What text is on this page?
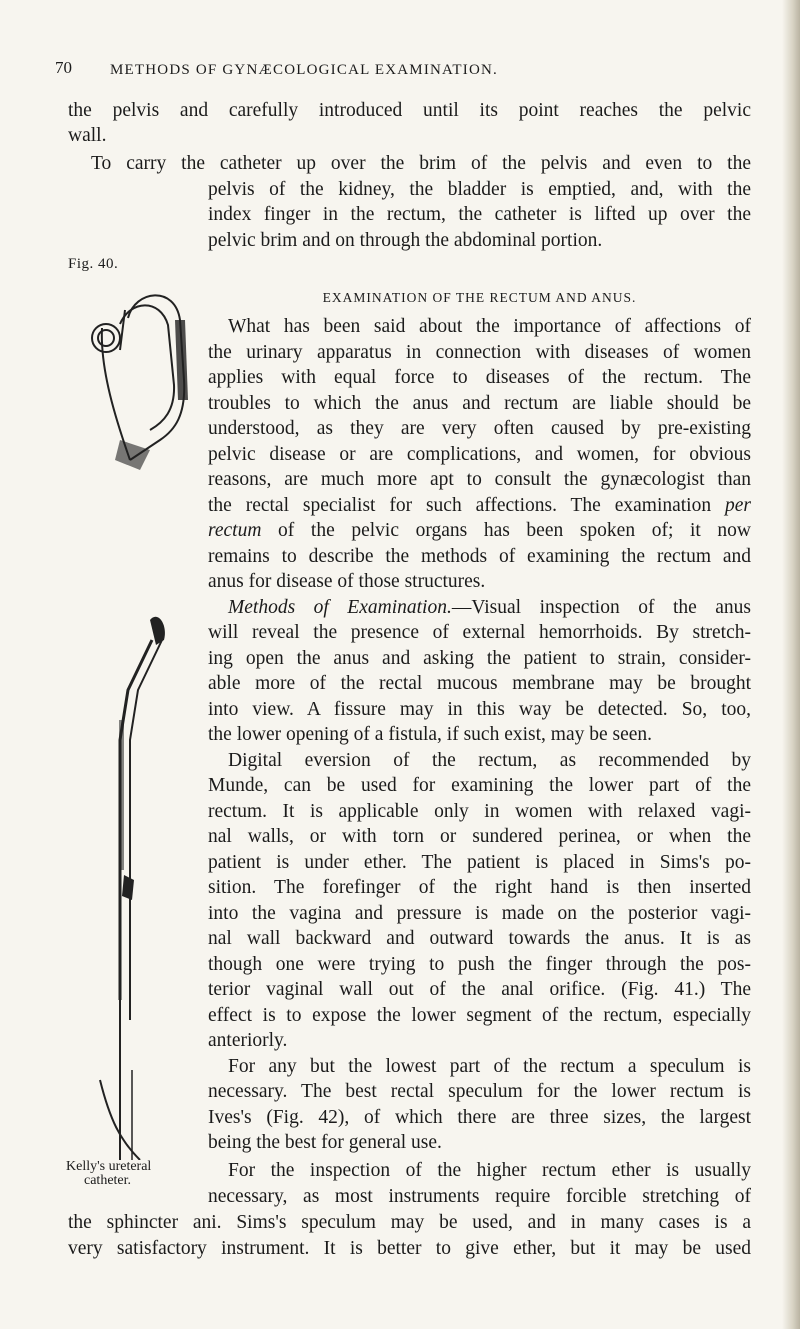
70	METHODS OF GYNÆCOLOGICAL EXAMINATION.
the pelvis and carefully introduced until its point reaches the pelvic
wall.
To carry the catheter up over the brim of the pelvis and even to the
pelvis of the kidney, the bladder is emptied, and, with the
index finger in the rectum, the catheter is lifted up over the
pelvic brim and on through the abdominal portion.
Fig. 40.
EXAMINATION OF THE RECTUM AND ANUS.
What has been said about the importance of affections of
the urinary apparatus in connection with diseases of women
applies with equal force to diseases of the rectum. The
troubles to which the anus and rectum are liable should be
understood, as they are very often caused by pre-existing
pelvic disease or are complications, and women, for obvious
reasons, are much more apt to consult the gynæcologist than
the rectal specialist for such affections. The examination per
rectum of the pelvic organs has been spoken of; it now
remains to describe the methods of examining the rectum and
anus for disease of those structures.
Methods of Examination.—Visual inspection of the anus
will reveal the presence of external hemorrhoids. By stretch-
ing open the anus and asking the patient to strain, consider-
able more of the rectal mucous membrane may be brought
into view. A fissure may in this way be detected. So, too,
the lower opening of a fistula, if such exist, may be seen.
Digital eversion of the rectum, as recommended by
Munde, can be used for examining the lower part of the
rectum. It is applicable only in women with relaxed vagi-
nal walls, or with torn or sundered perinea, or when the
patient is under ether. The patient is placed in Sims's po-
sition. The forefinger of the right hand is then inserted
into the vagina and pressure is made on the posterior vagi-
nal wall backward and outward towards the anus. It is as
though one were trying to push the finger through the pos-
terior vaginal wall out of the anal orifice. (Fig. 41.) The
effect is to expose the lower segment of the rectum, especially
anteriorly.
For any but the lowest part of the rectum a speculum is
necessary. The best rectal speculum for the lower rectum is
Ives's (Fig. 42), of which there are three sizes, the largest
being the best for general use.
For the inspection of the higher rectum ether is usually
necessary, as most instruments require forcible stretching of
the sphincter ani. Sims's speculum may be used, and in many cases is a
very satisfactory instrument. It is better to give ether, but it may be used
Kelly's ureteral
catheter.
